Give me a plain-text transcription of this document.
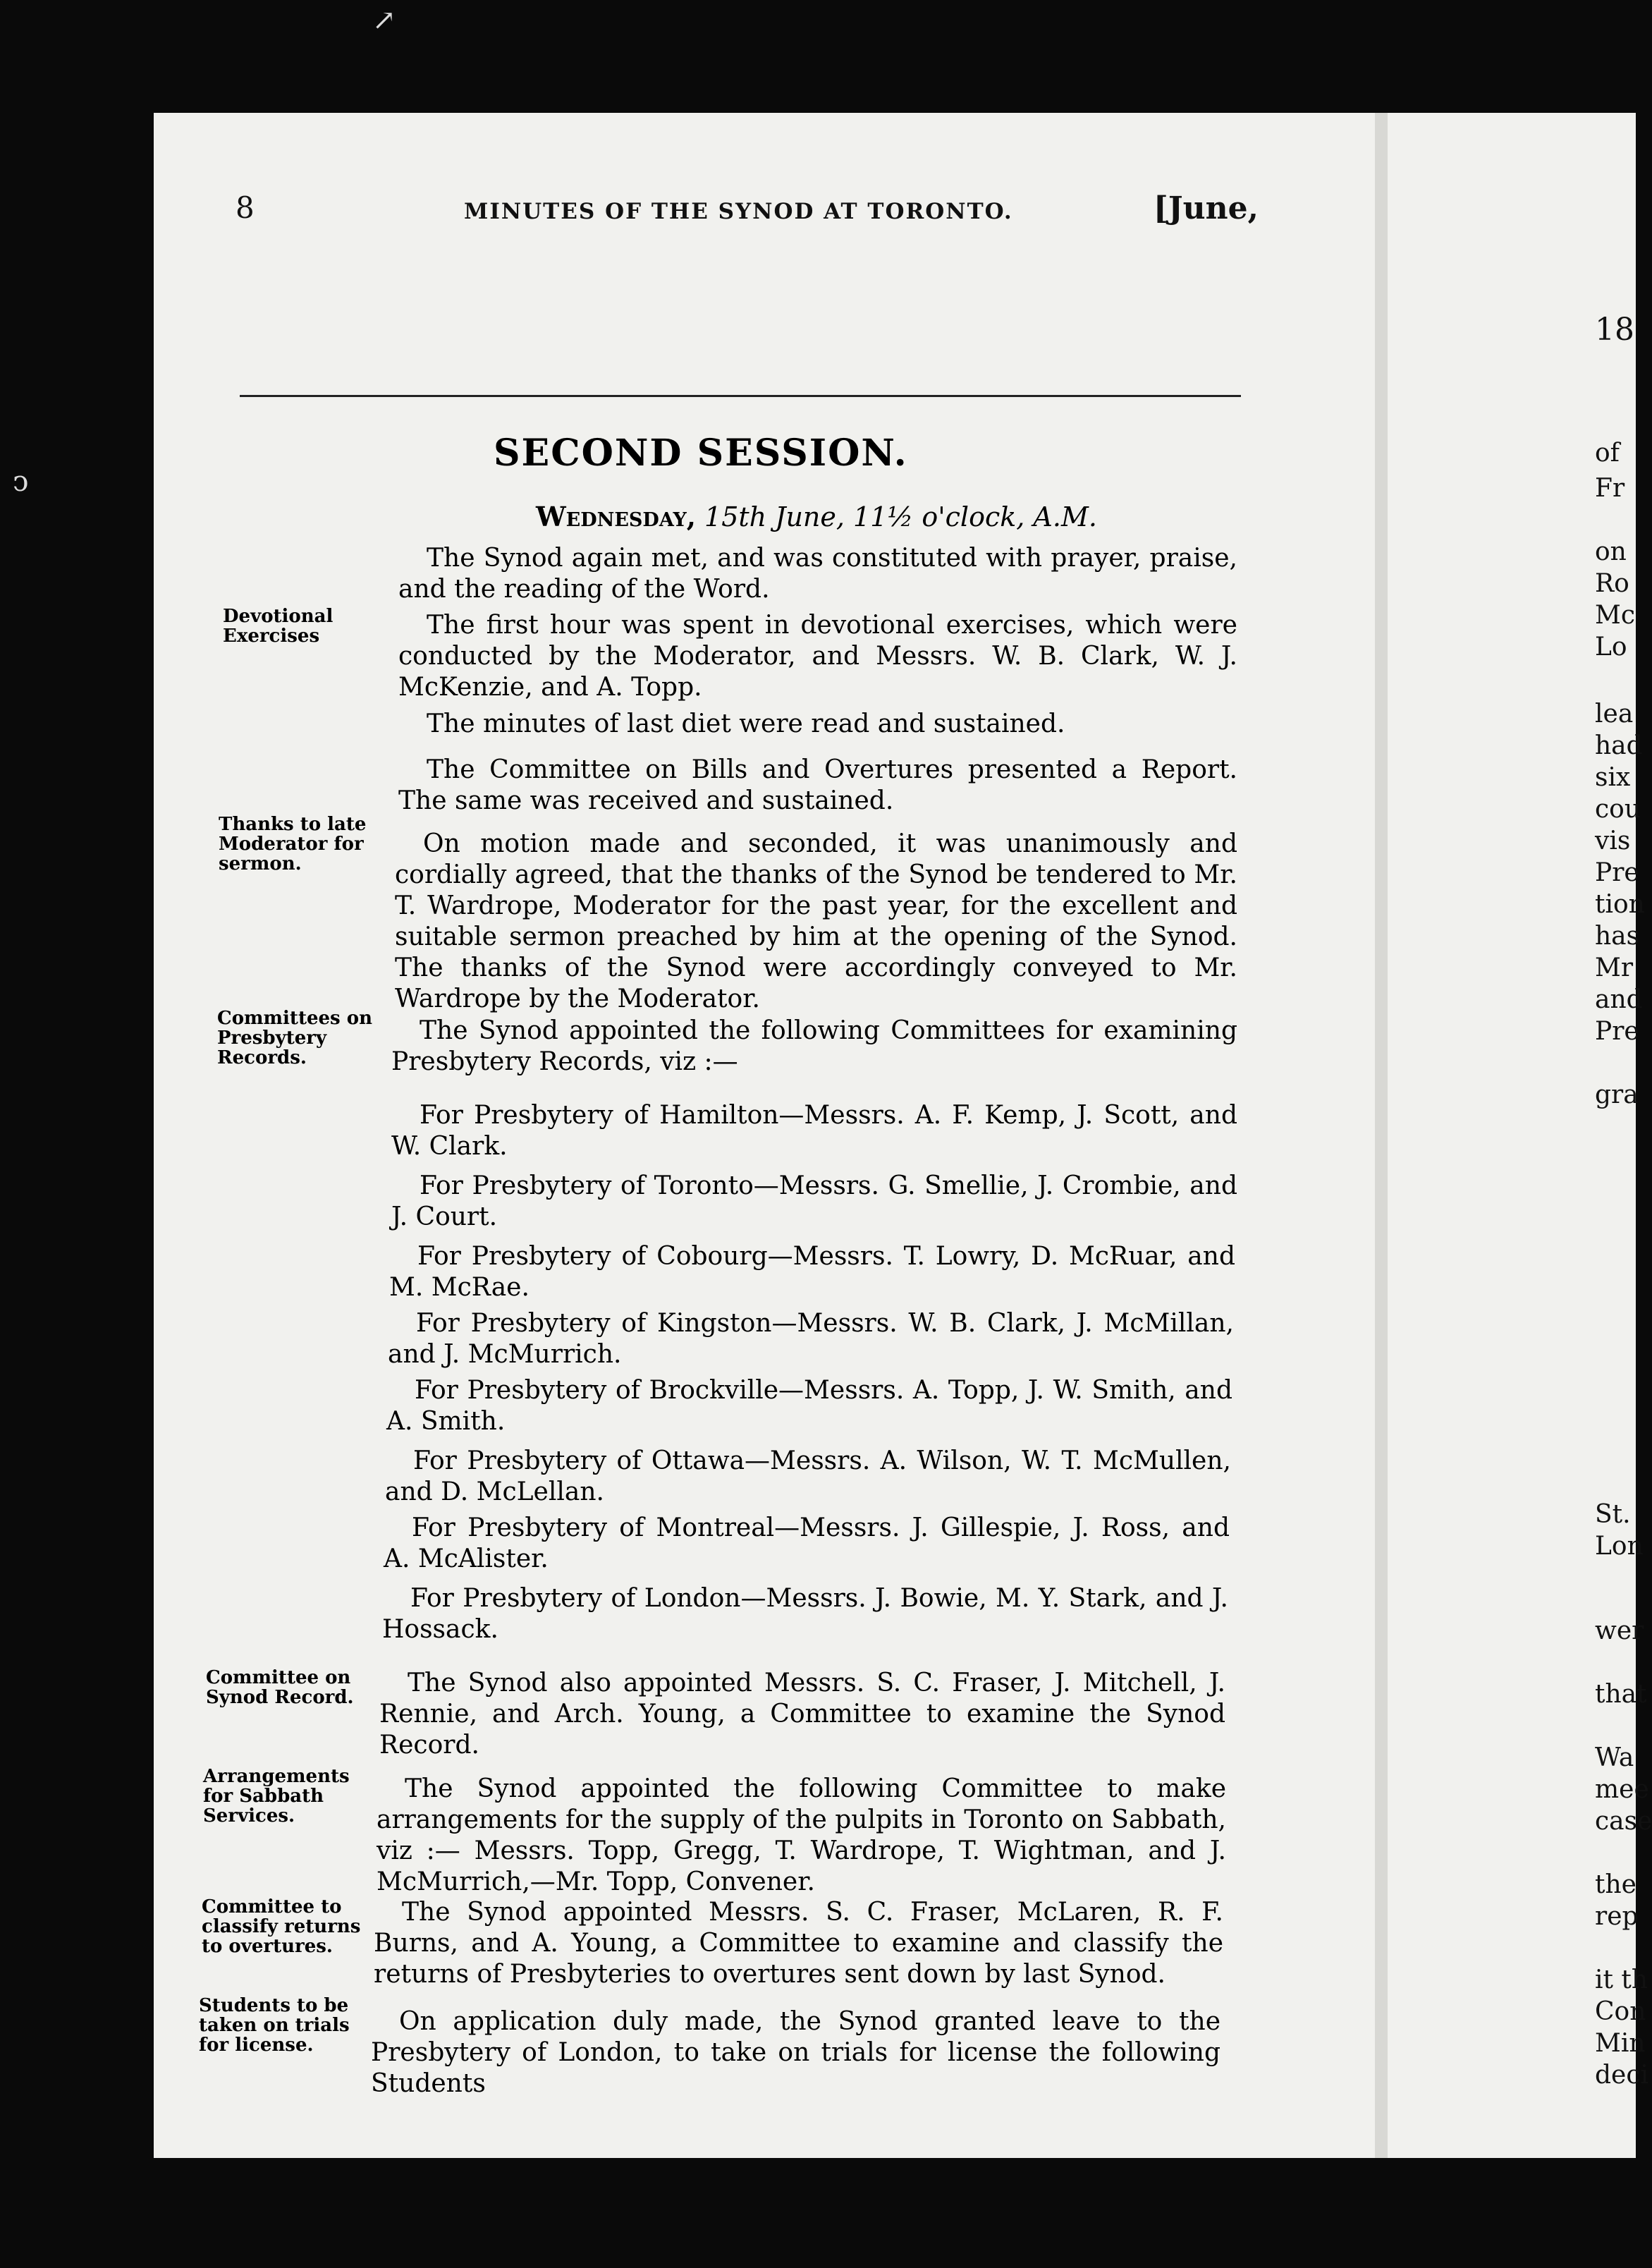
↗
ↄ
8	MINUTES OF THE SYNOD AT TORONTO.	[June,
SECOND SESSION.
Wednesday, 15th June, 11½ o'clock, A.M.
The Synod again met, and was constituted with prayer, praise, and the reading of the Word.
Devotional Exercises	The first hour was spent in devotional exercises, which were conducted by the Moderator, and Messrs. W. B. Clark, W. J. McKenzie, and A. Topp.
The minutes of last diet were read and sustained.
The Committee on Bills and Overtures presented a Report. The same was received and sustained.
Thanks to late Moderator for sermon.
On motion made and seconded, it was unanimously and cordially agreed, that the thanks of the Synod be tendered to Mr. T. Wardrope, Moderator for the past year, for the excellent and suitable sermon preached by him at the opening of the Synod. The thanks of the Synod were accordingly conveyed to Mr. Wardrope by the Moderator.
Committees on Presbytery Records.
The Synod appointed the following Committees for examining Presbytery Records, viz :—
For Presbytery of Hamilton—Messrs. A. F. Kemp, J. Scott, and W. Clark.
For Presbytery of Toronto—Messrs. G. Smellie, J. Crombie, and J. Court.
For Presbytery of Cobourg—Messrs. T. Lowry, D. McRuar, and M. McRae.
For Presbytery of Kingston—Messrs. W. B. Clark, J. McMillan, and J. McMurrich.
For Presbytery of Brockville—Messrs. A. Topp, J. W. Smith, and A. Smith.
For Presbytery of Ottawa—Messrs. A. Wilson, W. T. McMullen, and D. McLellan.
For Presbytery of Montreal—Messrs. J. Gillespie, J. Ross, and A. McAlister.
For Presbytery of London—Messrs. J. Bowie, M. Y. Stark, and J. Hossack.
Committee on Synod Record.	The Synod also appointed Messrs. S. C. Fraser, J. Mitchell, J. Rennie, and Arch. Young, a Committee to examine the Synod Record.
Arrangements for Sabbath Services.
The Synod appointed the following Committee to make arrangements for the supply of the pulpits in Toronto on Sabbath, viz :— Messrs. Topp, Gregg, T. Wardrope, T. Wightman, and J. McMurrich,—Mr. Topp, Convener.
Committee to classify returns to overtures.
The Synod appointed Messrs. S. C. Fraser, McLaren, R. F. Burns, and A. Young, a Committee to examine and classify the returns of Presbyteries to overtures sent down by last Synod.
Students to be taken on trials for license.
On application duly made, the Synod granted leave to the Presbytery of London, to take on trials for license the following Students
18
of
Fr
on
Ro
Mc
Lo
lea
had
six
cou
vis
Pre
tion
has
Mr
and
Pre
gra
St.
Lon
wer
that
Wa
mee
case
the
rep
it th
Con
Min
deci
